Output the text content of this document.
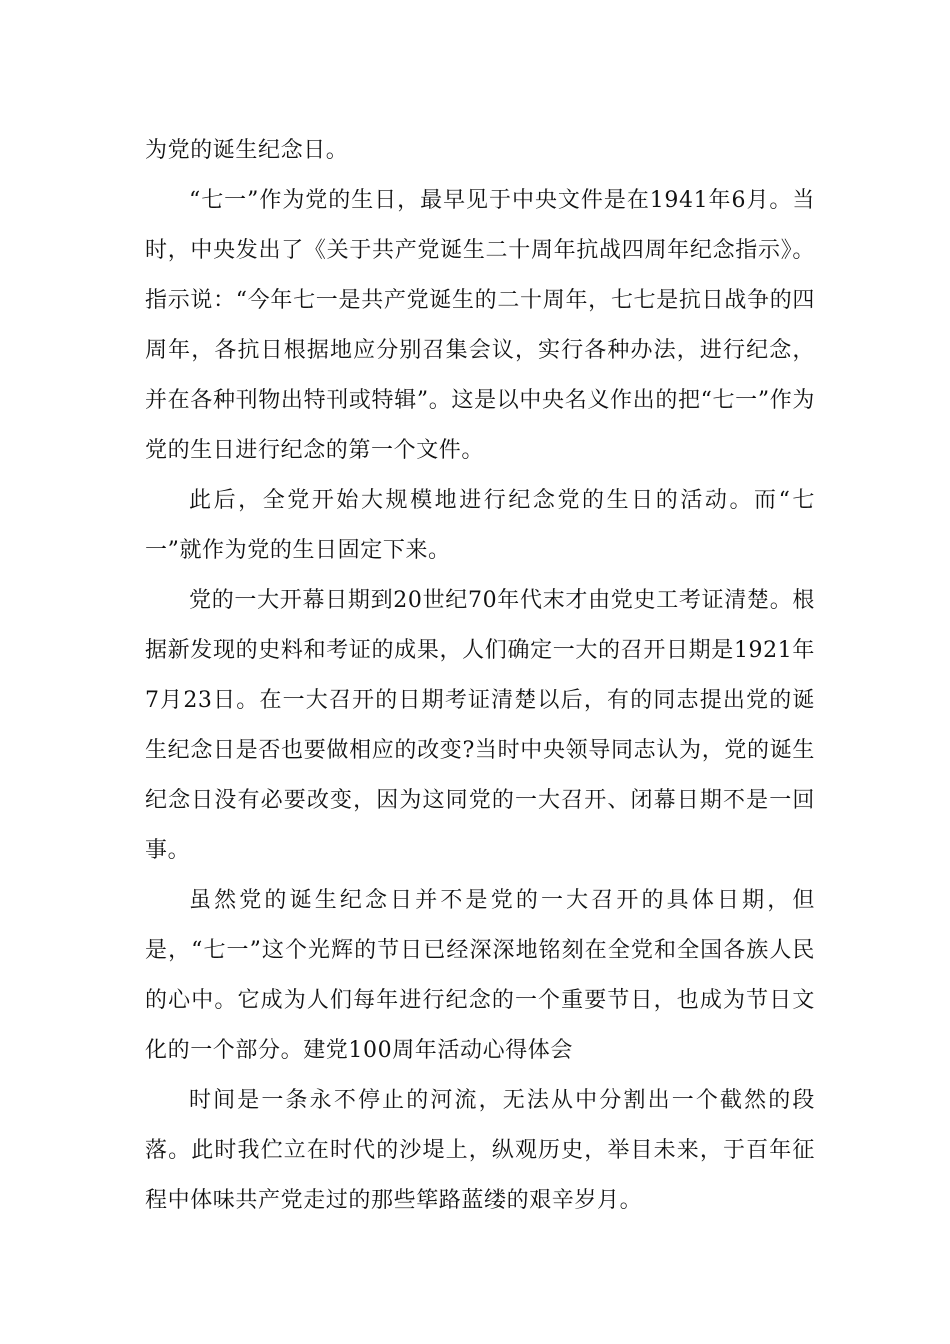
为党的诞生纪念日。

“七一”作为党的生日，最早见于中央文件是在1941年6月。当时，中央发出了《关于共产党诞生二十周年抗战四周年纪念指示》。指示说：“今年七一是共产党诞生的二十周年，七七是抗日战争的四周年，各抗日根据地应分别召集会议，实行各种办法，进行纪念，并在各种刊物出特刊或特辑”。这是以中央名义作出的把“七一”作为党的生日进行纪念的第一个文件。

此后，全党开始大规模地进行纪念党的生日的活动。而“七一”就作为党的生日固定下来。

党的一大开幕日期到20世纪70年代末才由党史工考证清楚。根据新发现的史料和考证的成果，人们确定一大的召开日期是1921年7月23日。在一大召开的日期考证清楚以后，有的同志提出党的诞生纪念日是否也要做相应的改变?当时中央领导同志认为，党的诞生纪念日没有必要改变，因为这同党的一大召开、闭幕日期不是一回事。

虽然党的诞生纪念日并不是党的一大召开的具体日期，但是，“七一”这个光辉的节日已经深深地铭刻在全党和全国各族人民的心中。它成为人们每年进行纪念的一个重要节日，也成为节日文化的一个部分。建党100周年活动心得体会

时间是一条永不停止的河流，无法从中分割出一个截然的段落。此时我伫立在时代的沙堤上，纵观历史，举目未来，于百年征程中体味共产党走过的那些筚路蓝缕的艰辛岁月。
